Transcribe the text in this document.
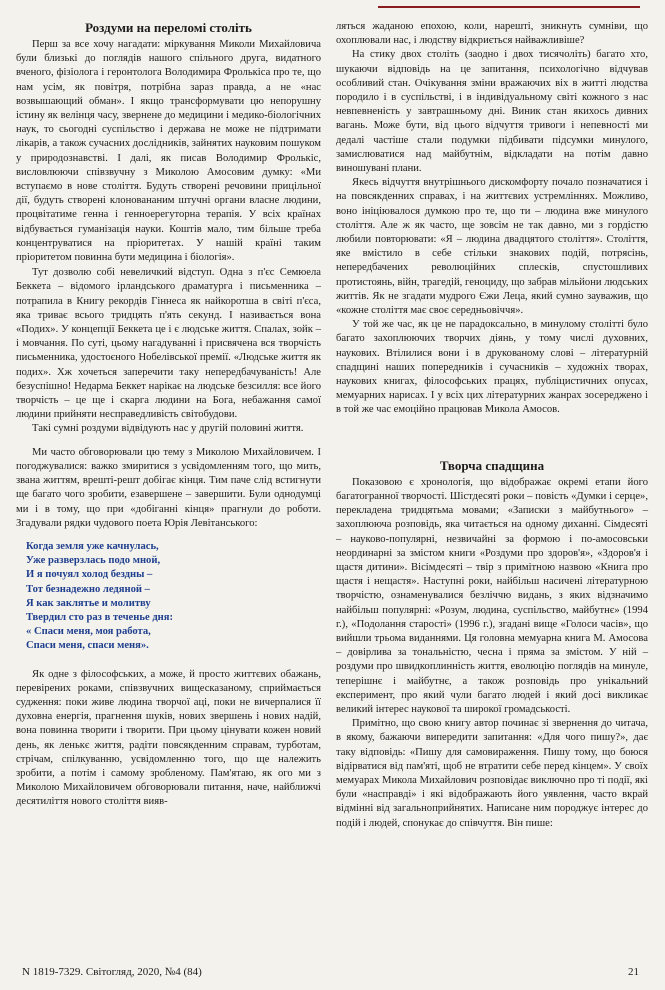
Роздуми на переломі століть

Перш за все хочу нагадати: міркування Миколи Михайловича були близькі до поглядів нашого спільного друга, видатного вченого, фізіолога і геронтолога Володимира Фролькіса про те, що нам усім, як повітря, потрібна зараз правда, а не «нас возвышающий обман». І якщо трансформувати цю непорушну істину як велінця часу, звернене до медицини і медико-біологічних наук, то сьогодні суспільство і держава не може не підтримати лікарів, а також сучасних дослідників, зайнятих науковим пошуком у природознавстві. І далі, як писав Володимир Фролькіс, висловлюючи співзвучну з Миколою Амосовим думку: «Ми вступаємо в нове століття. Будуть створені речовини прицільної дії, будуть створені клоновананим штучні органи власне людини, процвітатиме генна і генноерегуторна терапія. У всіх країнах відбувається гуманізація науки. Коштів мало, тим більше треба концентруватися на пріоритетах. У нашій країні таким пріоритетом повинна бути медицина і біологія».

Тут дозволю собі невеличкий відступ. Одна з п'єс Семюела Беккета – відомого ірландського драматурга і письменника – потрапила в Книгу рекордів Гіннеса як найкоротша в світі п'єса, яка триває всього тридцять п'ять секунд. І називається вона «Подих». У концепції Беккета це і є людське життя. Спалах, зойк – і мовчання. По суті, цьому нагадуванні і присвячена вся творчість письменника, удостоєного Нобелівської премії. «Людське життя як подих». Хж хочеться заперечити таку непередбачуваність! Але безуспішно! Недарма Беккет нарікає на людське безсилля: все його творчість – це ще і скарга людини на Бога, небажання самої людини прийняти несправедливість світобудови.

Такі сумні роздуми відвідують нас у другій половині життя.

Ми часто обговорювали цю тему з Миколою Михайловичем. І погоджувалися: важко змиритися з усвідомленням того, що мить, звана життям, врешті-решт добігає кінця. Тим паче слід встигнути ще багато чого зробити, езавершене – завершити. Були однодумці ми і в тому, що при «добіганні кінця» прагнули до роботи. Згадували рядки чудового поета Юрія Левітанського:

Когда земля уже качнулась,
Уже разверзлась подо мной,
И я почуял холод бездны –
Тот безнадежно ледяной –
Я как заклятье и молитву
Твердил сто раз в теченье дня:
« Спаси меня, моя работа,
Спаси меня, спаси меня».

Як одне з філософських, а може, й просто життєвих обажань, перевірених роками, співзвучних вищесказаному, сприймається судження: поки живе людина творчої аці, поки не вичерпалися її духовна енергія, прагнення шуків, нових звершень і нових надій, вона повинна творити і творити. При цьому цінувати кожен новий день, як ленькє життя, радіти повсякденним справам, турботам, стрічам, спілкуванню, усвідомленню того, що ще належить зробити, а потім і самому зробленому. Пам'ятаю, як ого ми з Миколою Михайловичем обговорювали питання, наче, найближчі десятиліття нового століття вияв-

ляться жаданою епохою, коли, нарешті, зникнуть сумніви, що охоплювали нас, і людству відкриється найважливіше?

На стику двох століть (заодно і двох тисячоліть) багато хто, шукаючи відповідь на це запитання, психологічно відчував особливий стан. Очікування зміни вражаючих віх в житті людства породило і в суспільстві, і в індивідуальному світі кожного з нас невпевненість у завтрашньому дні. Виник стан якихось дивних вагань. Може бути, від цього відчуття тривоги і непевності ми дедалі частіше стали подумки підбивати підсумки минулого, замислюватися над майбутнім, відкладати на потім давно виношувані плани.

Якесь відчуття внутрішнього дискомфорту почало позначатися і на повсякденних справах, і на життєвих устремліннях. Можливо, воно ініціювалося думкою про те, що ти – людина вже минулого століття. Але ж як часто, ще зовсім не так давно, ми з гордістю любили повторювати: «Я – людина двадцятого століття». Століття, яке вмістило в себе стільки знакових подій, потрясінь, непередбачених революційних сплесків, спустошливих протистоянь, війн, трагедій, геноциду, що забрав мільйони людських життів. Як не згадати мудрого Єжи Леца, який сумно зауважив, що «кожне століття має своє середньовіччя».

У той же час, як це не парадоксально, в минулому столітті було багато захоплюючих творчих діянь, у тому числі духовних, наукових. Втілилися вони і в друкованому слові – літературній спадщині наших попередників і сучасників – художніх творах, наукових книгах, філософських працях, публіцистичних опусах, мемуарних нарисах. І у всіх цих літературних жанрах зосереджено і в той же час емоційно працював Микола Амосов.

Творча спадщина

Показовою є хронологія, що відображає окремі етапи його багатогранної творчості. Шістдесяті роки – повість «Думки і серце», перекладена тридцятьма мовами; «Записки з майбутнього» – захоплююча розповідь, яка читається на одному диханні. Сімдесяті – науково-популярні, незвичайні за формою і по-амосовськи неординарні за змістом книги «Роздуми про здоров'я», «Здоров'я і щастя дитини». Вісімдесяті – твір з примітною назвою «Книга про щастя і нещастя». Наступні роки, найбільш насичені літературною творчістю, ознаменувалися безліччю видань, з яких відзначимо найбільш популярні: «Розум, людина, суспільство, майбутнє» (1994 г.), «Подолання старості» (1996 г.), згадані вище «Голоси часів», що вийшли трьома виданнями. Ця головна мемуарна книга М. Амосова – довірлива за тональністю, чесна і пряма за змістом. У ній – роздуми про швидкоплинність життя, еволюцію поглядів на минуле, теперішнє і майбутнє, а також розповідь про унікальний експеримент, про який чули багато людей і який досі викликає великий інтерес наукової та широкої громадськості.

Примітно, що свою книгу автор починає зі звернення до читача, в якому, бажаючи випередити запитання: «Для чого пишу?», дає таку відповідь: «Пишу для самовираження. Пишу тому, що боюся відірватися від пам'яті, щоб не втратити себе перед кінцем». У своїх мемуарах Микола Михайлович розповідає виключно про ті події, які були «насправді» і які відображають його уявлення, часто вкрай відмінні від загальноприйнятих. Написане ним породжує інтерес до подій і людей, спонукає до співчуття. Він пише:

N 1819-7329. Світогляд, 2020, №4 (84)	21
